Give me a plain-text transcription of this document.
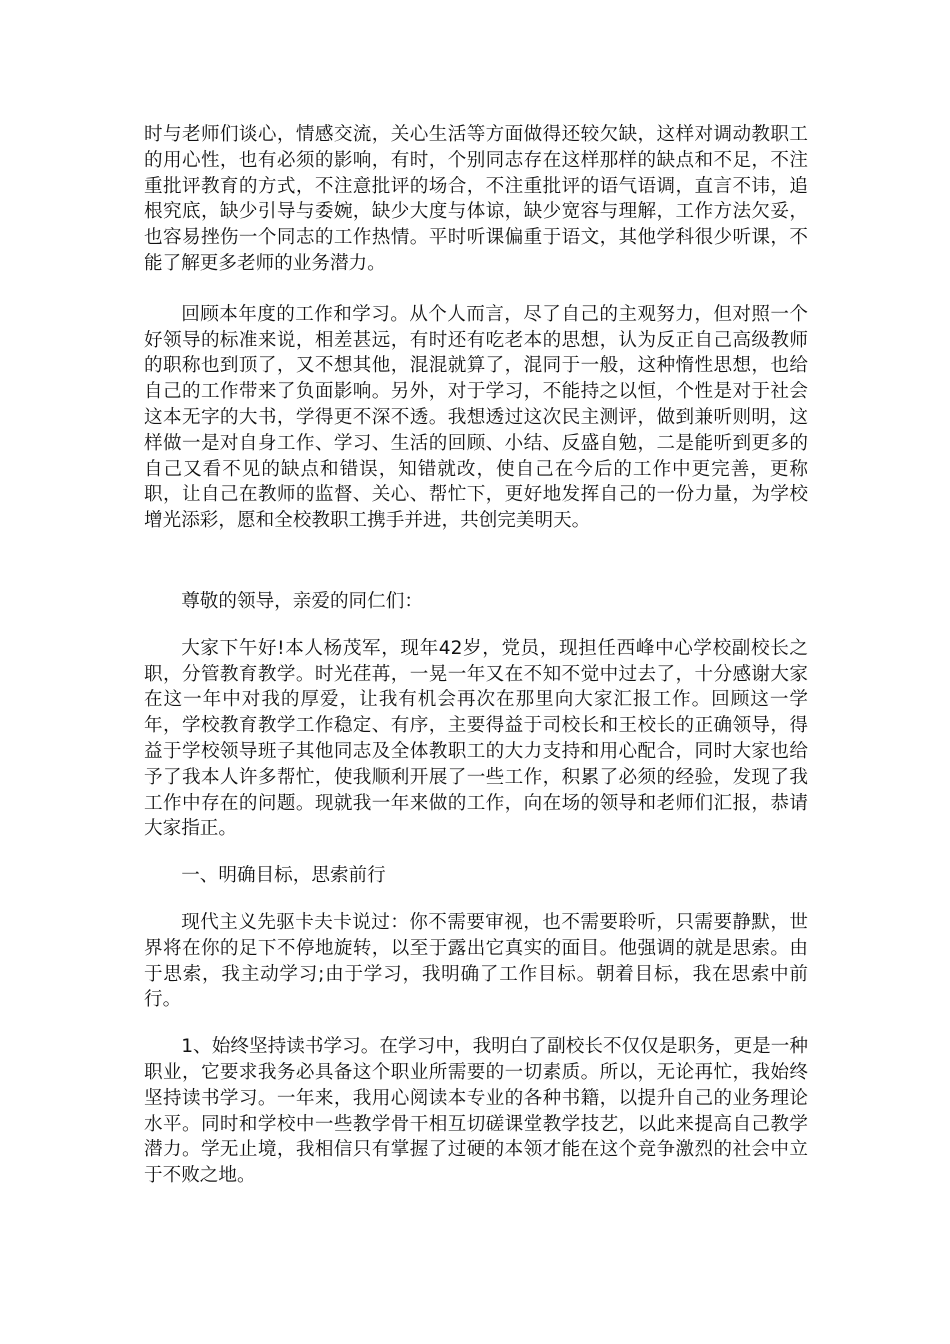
时与老师们谈心，情感交流，关心生活等方面做得还较欠缺，这样对调动教职工的用心性，也有必须的影响，有时，个别同志存在这样那样的缺点和不足，不注重批评教育的方式，不注意批评的场合，不注重批评的语气语调，直言不讳，追根究底，缺少引导与委婉，缺少大度与体谅，缺少宽容与理解，工作方法欠妥，也容易挫伤一个同志的工作热情。平时听课偏重于语文，其他学科很少听课，不能了解更多老师的业务潜力。

回顾本年度的工作和学习。从个人而言，尽了自己的主观努力，但对照一个好领导的标准来说，相差甚远，有时还有吃老本的思想，认为反正自己高级教师的职称也到顶了，又不想其他，混混就算了，混同于一般，这种惰性思想，也给自己的工作带来了负面影响。另外，对于学习，不能持之以恒，个性是对于社会这本无字的大书，学得更不深不透。我想透过这次民主测评，做到兼听则明，这样做一是对自身工作、学习、生活的回顾、小结、反盛自勉，二是能听到更多的自己又看不见的缺点和错误，知错就改，使自己在今后的工作中更完善，更称职，让自己在教师的监督、关心、帮忙下，更好地发挥自己的一份力量，为学校增光添彩，愿和全校教职工携手并进，共创完美明天。

尊敬的领导，亲爱的同仁们：

大家下午好!本人杨茂军，现年42岁，党员，现担任西峰中心学校副校长之职，分管教育教学。时光荏苒，一晃一年又在不知不觉中过去了，十分感谢大家在这一年中对我的厚爱，让我有机会再次在那里向大家汇报工作。回顾这一学年，学校教育教学工作稳定、有序，主要得益于司校长和王校长的正确领导，得益于学校领导班子其他同志及全体教职工的大力支持和用心配合，同时大家也给予了我本人许多帮忙，使我顺利开展了一些工作，积累了必须的经验，发现了我工作中存在的问题。现就我一年来做的工作，向在场的领导和老师们汇报，恭请大家指正。

一、明确目标，思索前行

现代主义先驱卡夫卡说过：你不需要审视，也不需要聆听，只需要静默，世界将在你的足下不停地旋转，以至于露出它真实的面目。他强调的就是思索。由于思索，我主动学习;由于学习，我明确了工作目标。朝着目标，我在思索中前行。

1、始终坚持读书学习。在学习中，我明白了副校长不仅仅是职务，更是一种职业，它要求我务必具备这个职业所需要的一切素质。所以，无论再忙，我始终坚持读书学习。一年来，我用心阅读本专业的各种书籍，以提升自己的业务理论水平。同时和学校中一些教学骨干相互切磋课堂教学技艺，以此来提高自己教学潜力。学无止境，我相信只有掌握了过硬的本领才能在这个竞争激烈的社会中立于不败之地。
